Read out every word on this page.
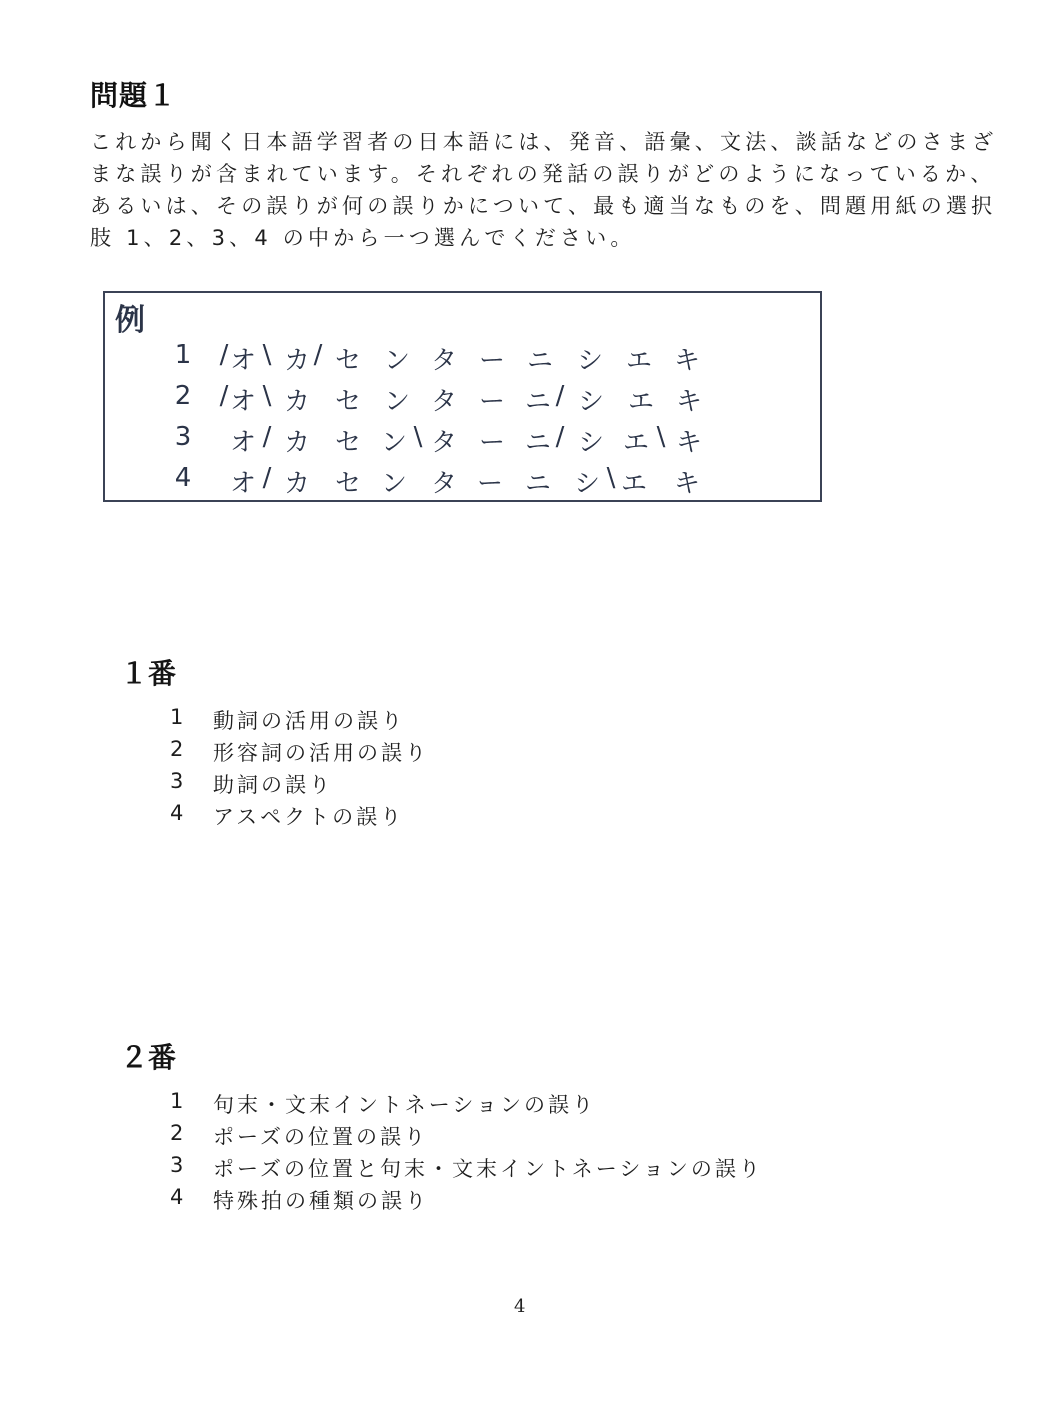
問題１

これから聞く日本語学習者の日本語には、発音、語彙、文法、談話などのさまざ

まな誤りが含まれています。それぞれの発話の誤りがどのようになっているか、

あるいは、その誤りが何の誤りかについて、最も適当なものを、問題用紙の選択

肢 1、2、3、4 の中から一つ選んでください。

例
1 / オ \ カ / セ ン タ ー ニ シ エ キ
2 / オ \ カ セ ン タ ー ニ / シ エ キ
3 オ / カ セ ン \ タ ー ニ / シ エ \ キ
4 オ / カ セ ン タ ー ニ シ \ エ キ
１番
1 動詞の活用の誤り
2 形容詞の活用の誤り
3 助詞の誤り
4 アスペクトの誤り
２番
1 句末・文末イントネーションの誤り
2 ポーズの位置の誤り
3 ポーズの位置と句末・文末イントネーションの誤り
4 特殊拍の種類の誤り
4
